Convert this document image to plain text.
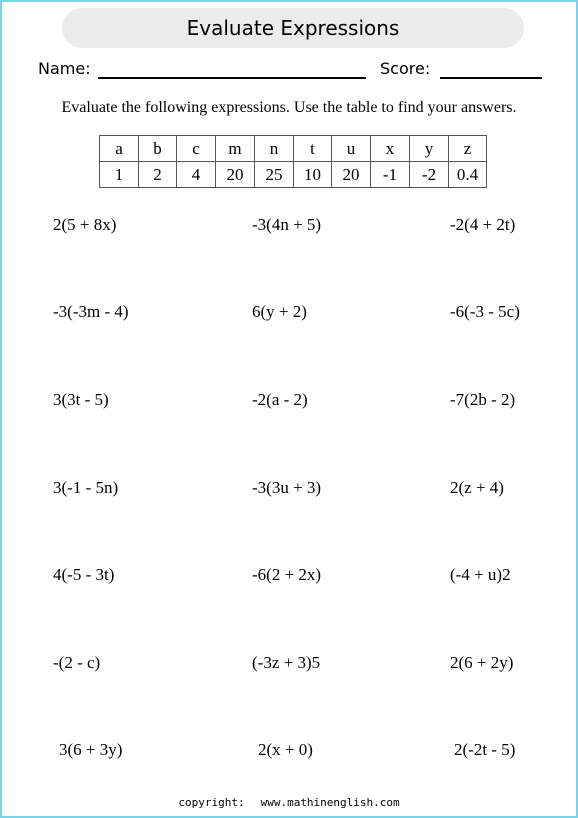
Evaluate Expressions
Name:	Score:
Evaluate the following expressions. Use the table to find your answers.
a	b	c	m	n	t	u	x	y	z
1	2	4	20	25	10	20	-1	-2	0.4
2(5 + 8x)	-3(4n + 5)	-2(4 + 2t)
-3(-3m - 4)	6(y + 2)	-6(-3 - 5c)
3(3t - 5)	-2(a - 2)	-7(2b - 2)
3(-1 - 5n)	-3(3u + 3)	2(z + 4)
4(-5 - 3t)	-6(2 + 2x)	(-4 + u)2
-(2 - c)	(-3z + 3)5	2(6 + 2y)
3(6 + 3y)	2(x + 0)	2(-2t - 5)
copyright: www.mathinenglish.com
